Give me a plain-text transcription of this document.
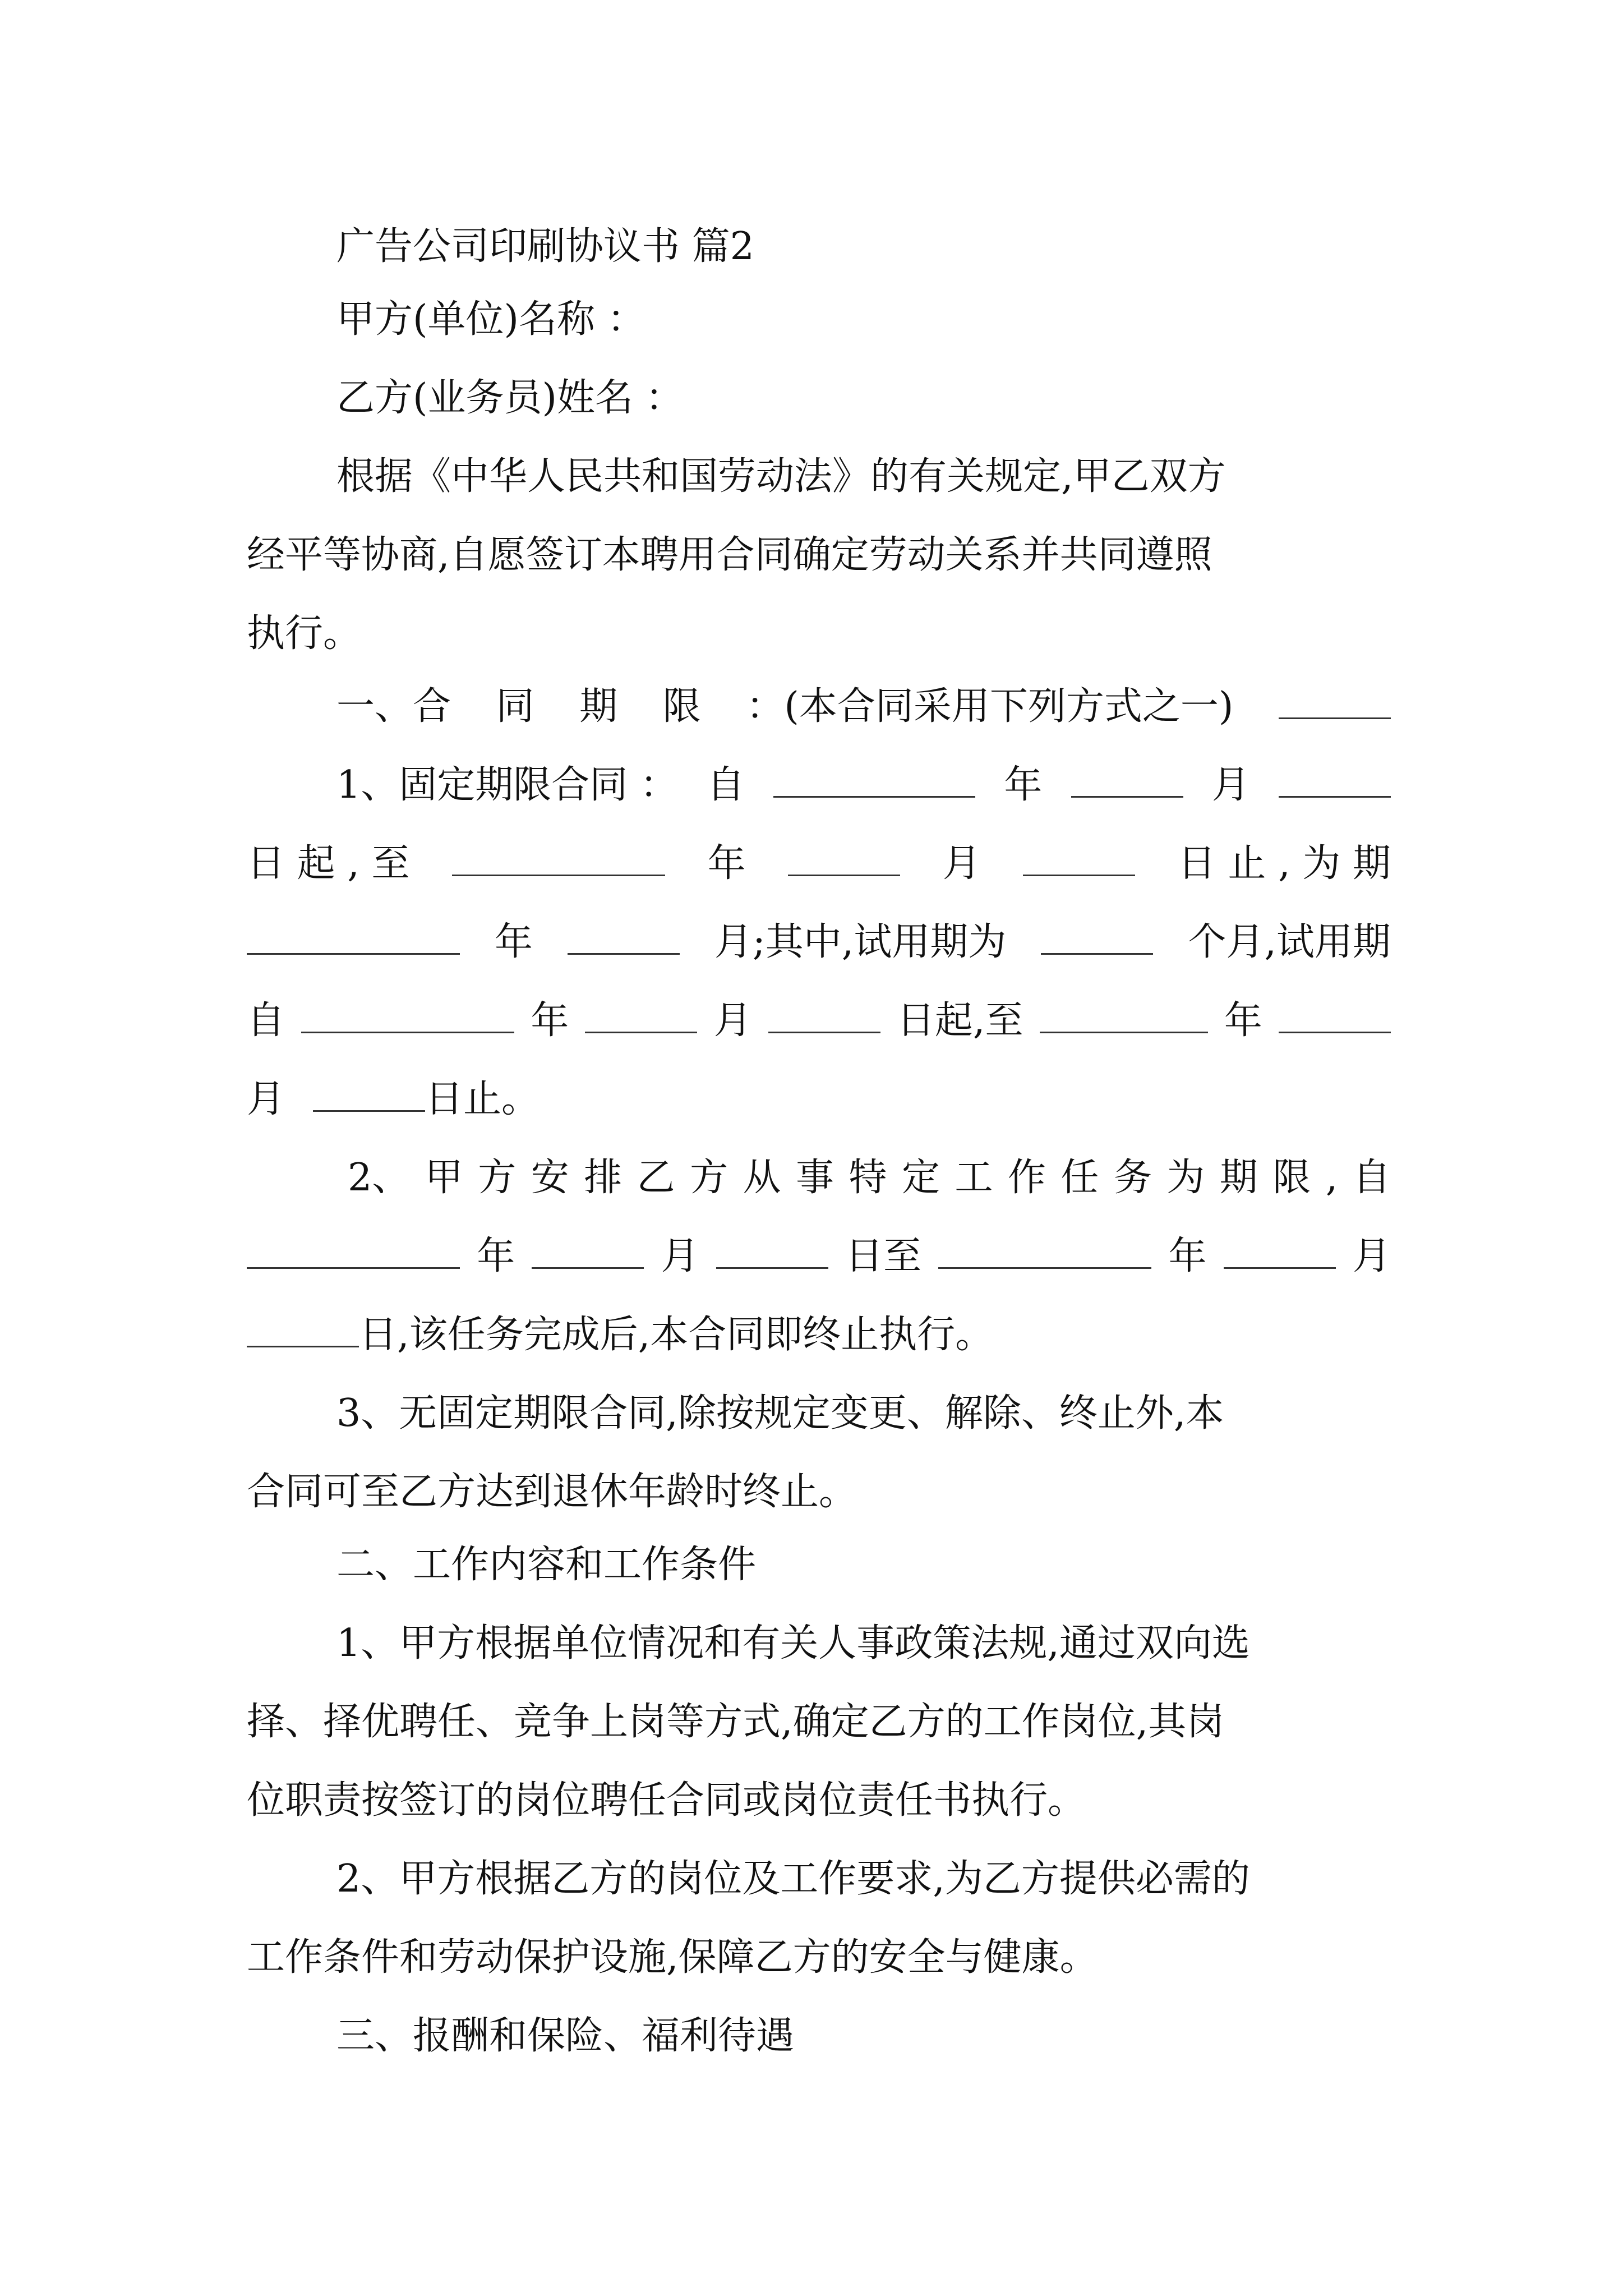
广告公司印刷协议书 篇2
甲方(单位)名称 ：
乙方(业务员)姓名 ：
根据《中华人民共和国劳动法》的有关规定,甲乙双方
经平等协商,自愿签订本聘用合同确定劳动关系并共同遵照
执行。
一、合 同 期 限 ：(本合同采用下列方式之一)
1、固定期限合同 ： 自	年	月
日 起 , 至	年	月	日 止 , 为 期
年	月;其中,试用期为	个月,试用期
自	年	月	日起,至	年
月	日止。
2、 甲 方 安 排 乙 方 从 事 特 定 工 作 任 务 为 期 限 , 自
年	月	日至	年	月
日,该任务完成后,本合同即终止执行。
3、无固定期限合同,除按规定变更、解除、终止外,本
合同可至乙方达到退休年龄时终止。
二、工作内容和工作条件
1、甲方根据单位情况和有关人事政策法规,通过双向选
择、择优聘任、竞争上岗等方式,确定乙方的工作岗位,其岗
位职责按签订的岗位聘任合同或岗位责任书执行。
2、甲方根据乙方的岗位及工作要求,为乙方提供必需的
工作条件和劳动保护设施,保障乙方的安全与健康。
三、报酬和保险、福利待遇
